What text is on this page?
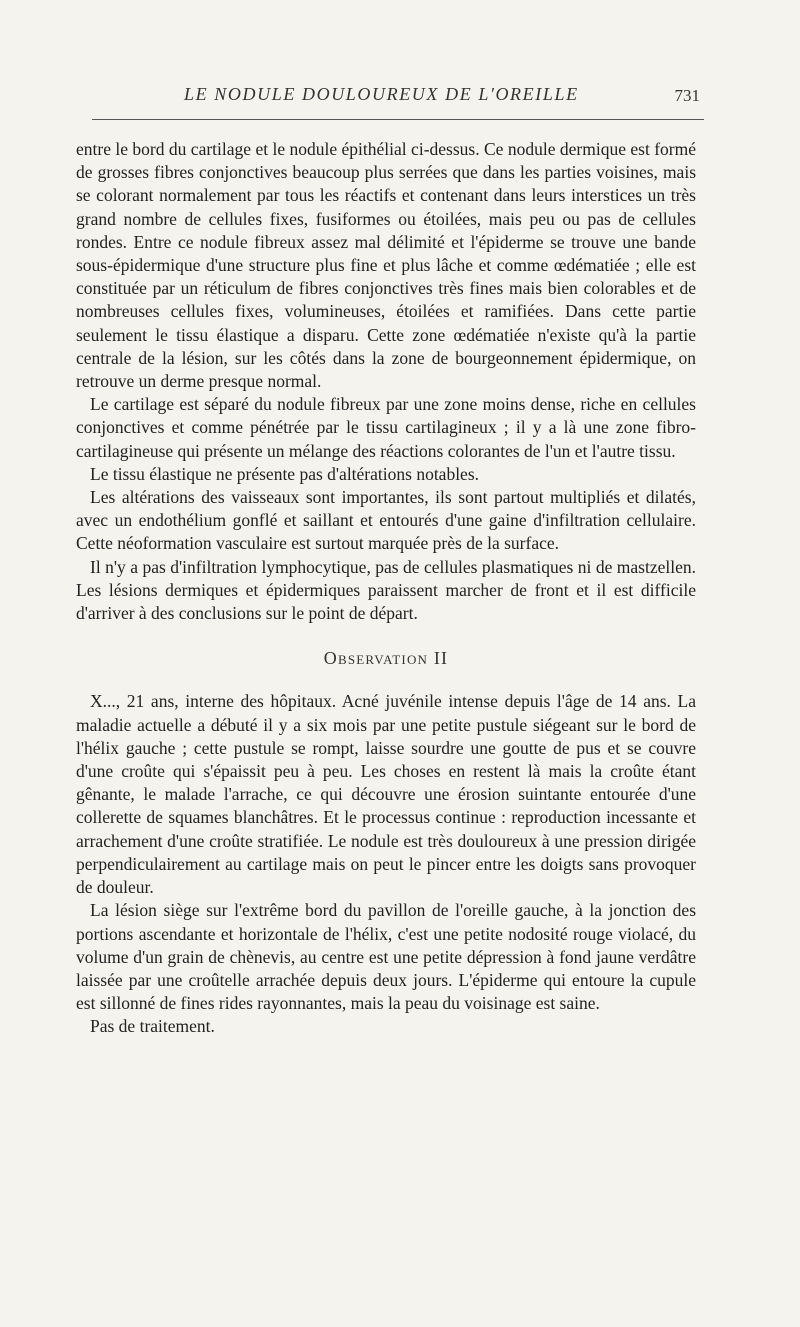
LE NODULE DOULOUREUX DE L'OREILLE	731

entre le bord du cartilage et le nodule épithélial ci-dessus. Ce nodule dermique est formé de grosses fibres conjonctives beaucoup plus serrées que dans les parties voisines, mais se colorant normalement par tous les réactifs et contenant dans leurs interstices un très grand nombre de cellules fixes, fusiformes ou étoilées, mais peu ou pas de cellules rondes. Entre ce nodule fibreux assez mal délimité et l'épiderme se trouve une bande sous-épidermique d'une structure plus fine et plus lâche et comme œdématiée ; elle est constituée par un réticulum de fibres conjonctives très fines mais bien colorables et de nombreuses cellules fixes, volumineuses, étoilées et ramifiées. Dans cette partie seulement le tissu élastique a disparu. Cette zone œdématiée n'existe qu'à la partie centrale de la lésion, sur les côtés dans la zone de bourgeonnement épidermique, on retrouve un derme presque normal.

Le cartilage est séparé du nodule fibreux par une zone moins dense, riche en cellules conjonctives et comme pénétrée par le tissu cartilagineux ; il y a là une zone fibro-cartilagineuse qui présente un mélange des réactions colorantes de l'un et l'autre tissu.

Le tissu élastique ne présente pas d'altérations notables.

Les altérations des vaisseaux sont importantes, ils sont partout multipliés et dilatés, avec un endothélium gonflé et saillant et entourés d'une gaine d'infiltration cellulaire. Cette néoformation vasculaire est surtout marquée près de la surface.

Il n'y a pas d'infiltration lymphocytique, pas de cellules plasmatiques ni de mastzellen. Les lésions dermiques et épidermiques paraissent marcher de front et il est difficile d'arriver à des conclusions sur le point de départ.

Observation II

X..., 21 ans, interne des hôpitaux. Acné juvénile intense depuis l'âge de 14 ans. La maladie actuelle a débuté il y a six mois par une petite pustule siégeant sur le bord de l'hélix gauche ; cette pustule se rompt, laisse sourdre une goutte de pus et se couvre d'une croûte qui s'épaissit peu à peu. Les choses en restent là mais la croûte étant gênante, le malade l'arrache, ce qui découvre une érosion suintante entourée d'une collerette de squames blanchâtres. Et le processus continue : reproduction incessante et arrachement d'une croûte stratifiée. Le nodule est très douloureux à une pression dirigée perpendiculairement au cartilage mais on peut le pincer entre les doigts sans provoquer de douleur.

La lésion siège sur l'extrême bord du pavillon de l'oreille gauche, à la jonction des portions ascendante et horizontale de l'hélix, c'est une petite nodosité rouge violacé, du volume d'un grain de chènevis, au centre est une petite dépression à fond jaune verdâtre laissée par une croûtelle arrachée depuis deux jours. L'épiderme qui entoure la cupule est sillonné de fines rides rayonnantes, mais la peau du voisinage est saine.

Pas de traitement.
